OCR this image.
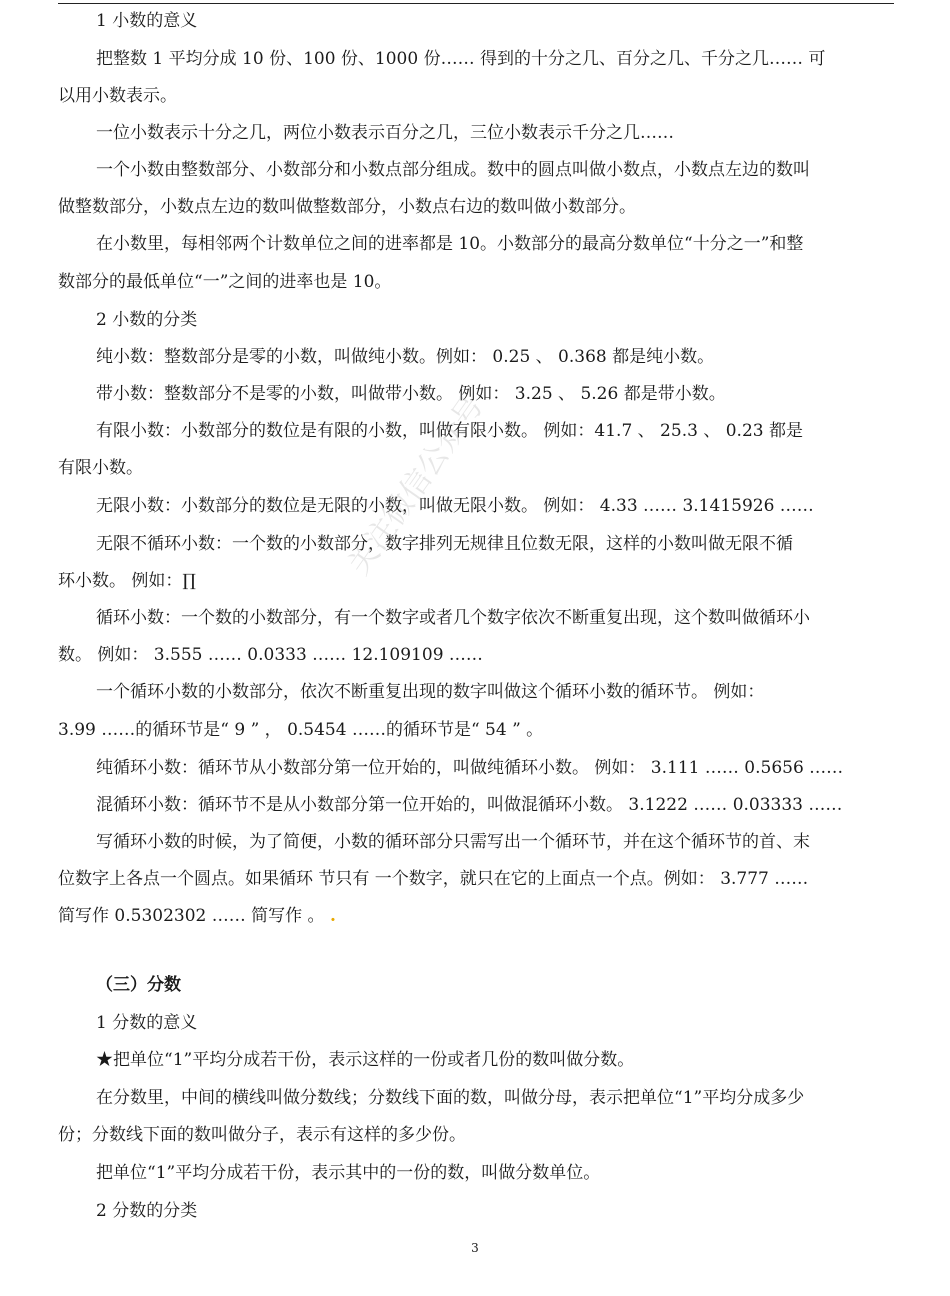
1 小数的意义
把整数 1 平均分成 10 份、100 份、1000 份…… 得到的十分之几、百分之几、千分之几…… 可
以用小数表示。
一位小数表示十分之几，两位小数表示百分之几，三位小数表示千分之几……
一个小数由整数部分、小数部分和小数点部分组成。数中的圆点叫做小数点，小数点左边的数叫
做整数部分，小数点左边的数叫做整数部分，小数点右边的数叫做小数部分。
在小数里，每相邻两个计数单位之间的进率都是 10。小数部分的最高分数单位“十分之一”和整
数部分的最低单位“一”之间的进率也是 10。
2 小数的分类
纯小数：整数部分是零的小数，叫做纯小数。例如： 0.25 、 0.368 都是纯小数。
带小数：整数部分不是零的小数，叫做带小数。 例如： 3.25 、 5.26 都是带小数。
有限小数：小数部分的数位是有限的小数，叫做有限小数。 例如：41.7 、 25.3 、 0.23 都是
有限小数。
无限小数：小数部分的数位是无限的小数，叫做无限小数。 例如： 4.33 …… 3.1415926 ……
无限不循环小数：一个数的小数部分，数字排列无规律且位数无限，这样的小数叫做无限不循
环小数。 例如：∏
循环小数：一个数的小数部分，有一个数字或者几个数字依次不断重复出现，这个数叫做循环小
数。 例如： 3.555 …… 0.0333 …… 12.109109 ……
一个循环小数的小数部分，依次不断重复出现的数字叫做这个循环小数的循环节。 例如：
3.99 ……的循环节是“ 9 ” ， 0.5454 ……的循环节是“ 54 ” 。
纯循环小数：循环节从小数部分第一位开始的，叫做纯循环小数。 例如： 3.111 …… 0.5656 ……
混循环小数：循环节不是从小数部分第一位开始的，叫做混循环小数。 3.1222 …… 0.03333 ……
写循环小数的时候，为了简便，小数的循环部分只需写出一个循环节，并在这个循环节的首、末
位数字上各点一个圆点。如果循环 节只有 一个数字，就只在它的上面点一个点。例如： 3.777 ……
简写作 0.5302302 …… 简写作 。 .
（三）分数
1 分数的意义
★把单位“1”平均分成若干份，表示这样的一份或者几份的数叫做分数。
在分数里，中间的横线叫做分数线；分数线下面的数，叫做分母，表示把单位“1”平均分成多少
份；分数线下面的数叫做分子，表示有这样的多少份。
把单位“1”平均分成若干份，表示其中的一份的数，叫做分数单位。
2 分数的分类
关注微信公众号
3
